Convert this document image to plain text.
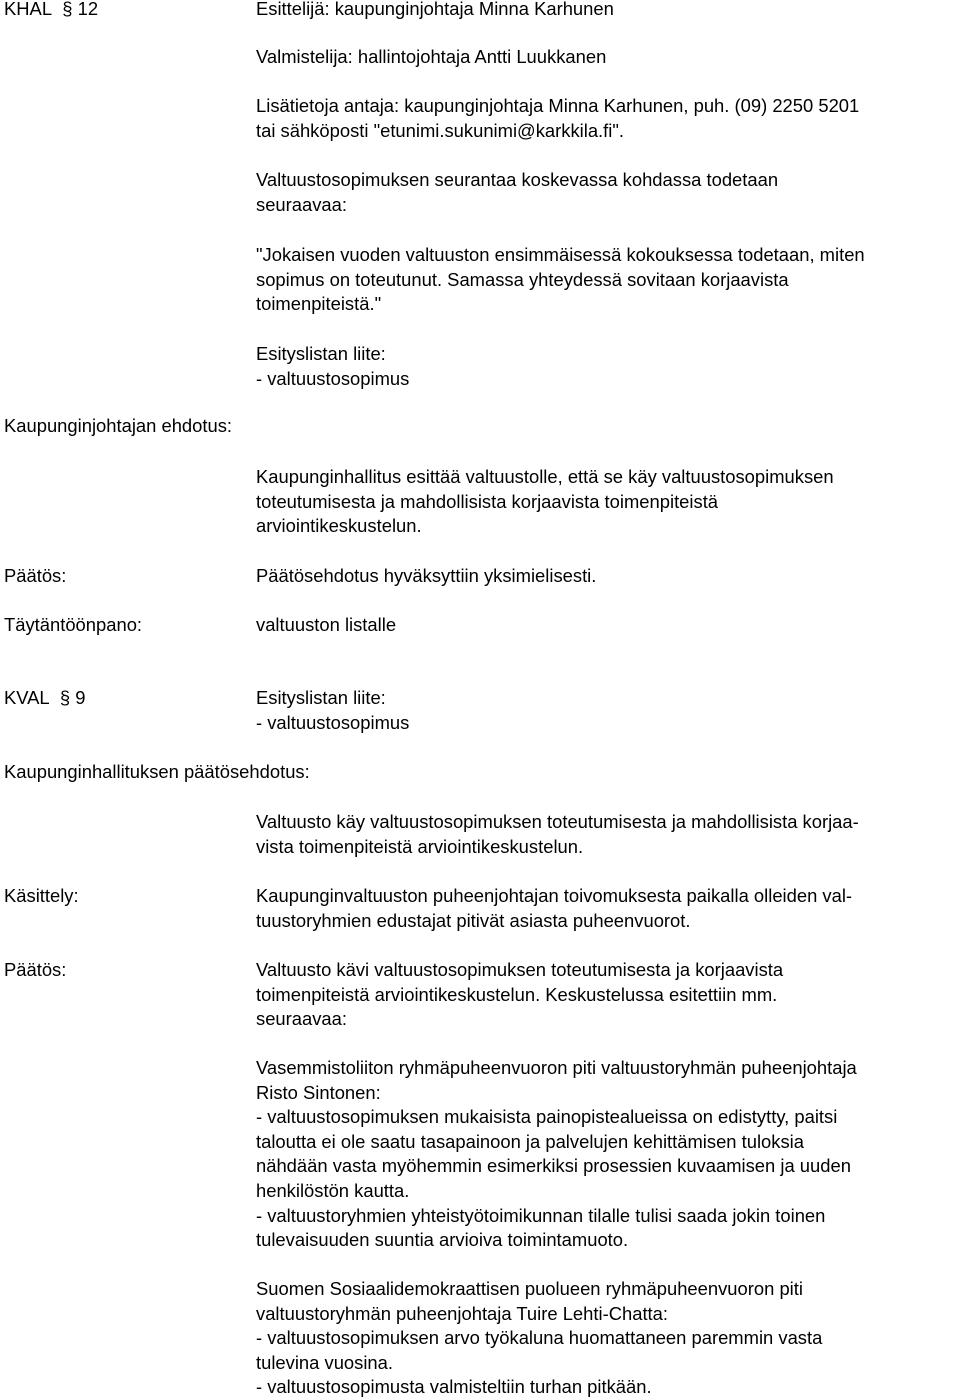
KHAL § 12	Esittelijä: kaupunginjohtaja Minna Karhunen
Valmistelija: hallintojohtaja Antti Luukkanen
Lisätietoja antaja: kaupunginjohtaja Minna Karhunen, puh. (09) 2250 5201
tai sähköposti "etunimi.sukunimi@karkkila.fi".
Valtuustosopimuksen seurantaa koskevassa kohdassa todetaan
seuraavaa:
"Jokaisen vuoden valtuuston ensimmäisessä kokouksessa todetaan, miten
sopimus on toteutunut. Samassa yhteydessä sovitaan korjaavista
toimenpiteistä."
Esityslistan liite:
- valtuustosopimus
Kaupunginjohtajan ehdotus:
Kaupunginhallitus esittää valtuustolle, että se käy valtuustosopimuksen
toteutumisesta ja mahdollisista korjaavista toimenpiteistä
arviointikeskustelun.
Päätös:	Päätösehdotus hyväksyttiin yksimielisesti.
Täytäntöönpano:	valtuuston listalle
KVAL § 9	Esityslistan liite:
- valtuustosopimus
Kaupunginhallituksen päätösehdotus:
Valtuusto käy valtuustosopimuksen toteutumisesta ja mahdollisista korjaa-
vista toimenpiteistä arviointikeskustelun.
Käsittely:	Kaupunginvaltuuston puheenjohtajan toivomuksesta paikalla olleiden val-
tuustoryhmien edustajat pitivät asiasta puheenvuorot.
Päätös:	Valtuusto kävi valtuustosopimuksen toteutumisesta ja korjaavista
toimenpiteistä arviointikeskustelun. Keskustelussa esitettiin mm.
seuraavaa:
Vasemmistoliiton ryhmäpuheenvuoron piti valtuustoryhmän puheenjohtaja
Risto Sintonen:
- valtuustosopimuksen mukaisista painopistealueissa on edistytty, paitsi
taloutta ei ole saatu tasapainoon ja palvelujen kehittämisen tuloksia
nähdään vasta myöhemmin esimerkiksi prosessien kuvaamisen ja uuden
henkilöstön kautta.
- valtuustoryhmien yhteistyötoimikunnan tilalle tulisi saada jokin toinen
tulevaisuuden suuntia arvioiva toimintamuoto.
Suomen Sosiaalidemokraattisen puolueen ryhmäpuheenvuoron piti
valtuustoryhmän puheenjohtaja Tuire Lehti-Chatta:
- valtuustosopimuksen arvo työkaluna huomattaneen paremmin vasta
tulevina vuosina.
- valtuustosopimusta valmisteltiin turhan pitkään.
